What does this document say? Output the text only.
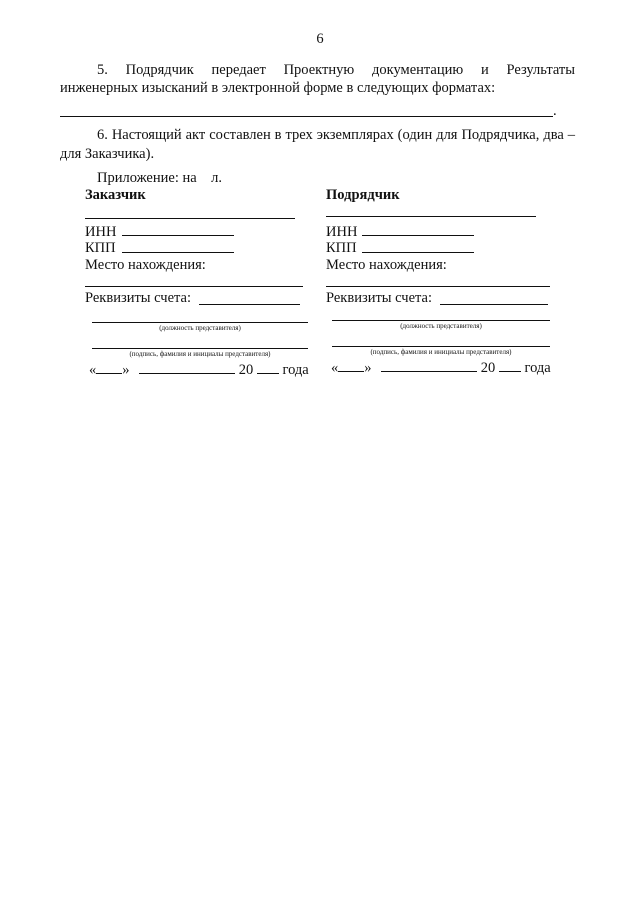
6
5. Подрядчик передает Проектную документацию и Результаты
инженерных изысканий в электронной форме в следующих форматах:
.
6. Настоящий акт составлен в трех экземплярах (один для Подрядчика, два –
для Заказчика).
Приложение: на    л.
Заказчик
ИНН
КПП
Место нахождения:
Реквизиты счета:
(должность представителя)
(подпись, фамилия и инициалы представителя)
« »	20 года
Подрядчик
ИНН
КПП
Место нахождения:
Реквизиты счета:
(должность представителя)
(подпись, фамилия и инициалы представителя)
« »	20 года
